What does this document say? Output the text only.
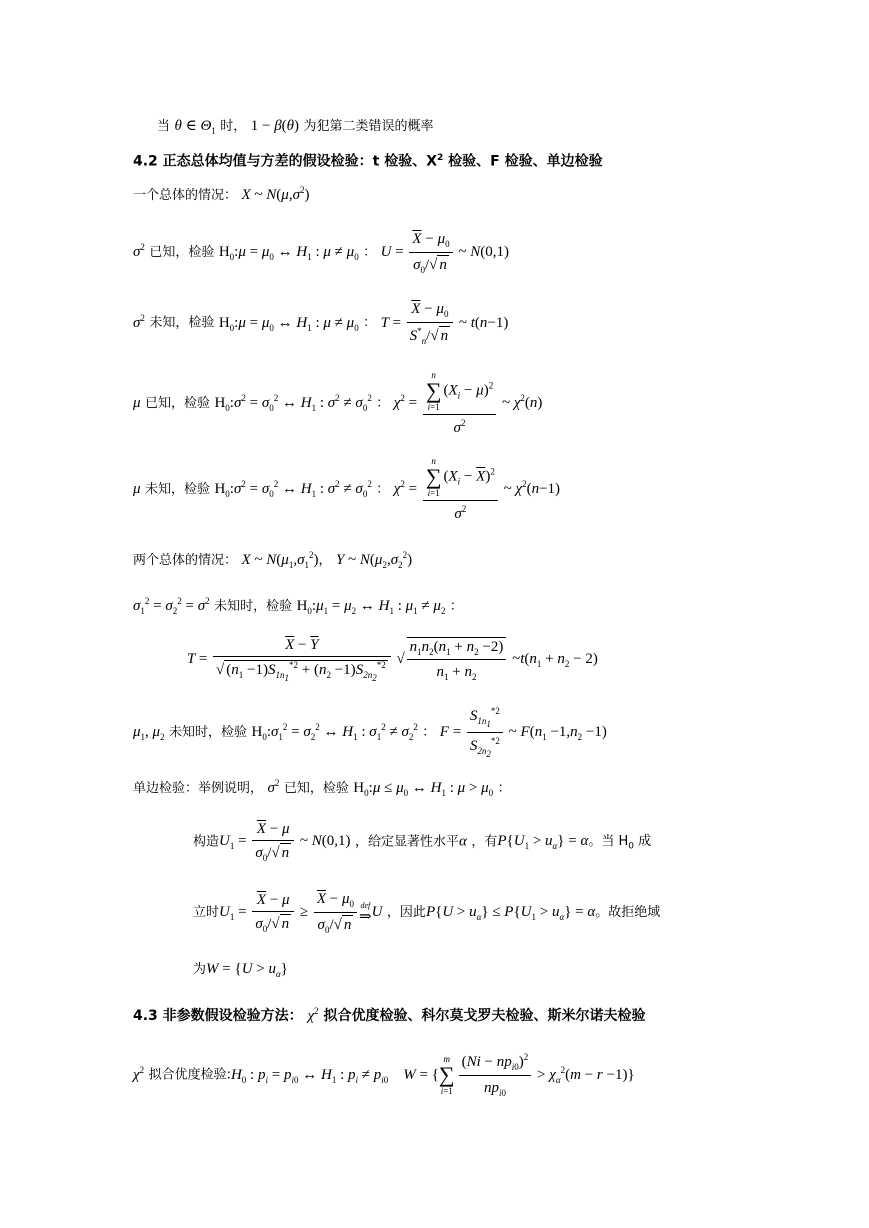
当 θ ∈ $\Theta_1$ 时， 1 − β(θ) 为犯第二类错误的概率
4.2 正态总体均值与方差的假设检验：t 检验、$X^2$ 检验、F 检验、单边检验
一个总体的情况： X ~ $N(\mu,\sigma^2)$
$\sigma^2$ 已知，检验 $H_0:\mu = \mu_0$ ↔ $H_1$ : $\mu \ne \mu_0$ ： $U = \frac{\overline{X} - \mu_0}{\sigma_0/√ n}$ ~ N(0,1)
$\sigma^2$ 未知，检验 $H_0:\mu = \mu_0$ ↔ $H_1$ : $\mu \ne \mu_0$ ： $T = \frac{\overline{X} - \mu_0}{S^*_n/√ n}$ ~ t(n−1)
μ 已知，检验 $H_0:\sigma^2 = \sigma_0^2$ ↔ $H_1$ : $\sigma^2 \ne \sigma_0^2$ ： $\chi^2 = n$
∑
i=1
$(X_i - \mu)^2$
$\sigma^2$ ~ $\chi^2(n)$
μ 未知，检验 $H_0:\sigma^2 = \sigma_0^2$ ↔ $H_1$ : $\sigma^2 \ne \sigma_0^2$ ： $\chi^2 = n$
∑
i=1
$(X_i - \overline{X})^2$
$\sigma^2$ ~ $\chi^2(n-1)$
两个总体的情况： X ~ $N(\mu_1,\sigma_1^2)$， Y ~ $N(\mu_2,\sigma_2^2)$
$\sigma_1^2 = \sigma_2^2 = \sigma^2$ 未知时，检验 $H_0:\mu_1 = \mu_2$ ↔ $H_1$ : $\mu_1 \ne \mu_2$ ：
$T = \frac{\overline{X} - \overline{Y}}{√ (n_1 -1)S_{1n_1}^{*2} + (n_2 -1)S_{2n_2}^{*2}}$ √ $\frac{n_1n_2(n_1 + n_2 -2)}{n_1 + n_2}$ $\sim t(n_1 + n_2 - 2)$
$\mu_1$, $\mu_2$ 未知时，检验 $H_0:\sigma_1^2 = \sigma_2^2$ ↔ $H_1$ : $\sigma_1^2 \ne \sigma_2^2$ ： $F = \frac{S_{1n_1}^{*2}}{S_{2n_2}^{*2}}$ ~ $F(n_1 -1,n_2 -1)$
单边检验：举例说明， $\sigma^2$ 已知，检验 $H_0:\mu \le \mu_0$ ↔ $H_1$ : $\mu > \mu_0$ ：
构造$U_1 = \frac{\overline{X} - \mu}{\sigma_0/√ n}$ ~ N(0,1) ，给定显著性水平α ，有$P\{U_1 > u_\alpha\} = \alpha$。当 $H_0$ 成
立时$U_1 = \frac{\overline{X} - \mu}{\sigma_0/√ n} \ge \frac{\overline{X} - \mu_0}{\sigma_0/√ n}$ def
⇒ U ，因此$P\{U > u_\alpha\} \le P\{U_1 > u_\alpha\} = \alpha$。故拒绝域
为$W = \{U > u_\alpha\}$
4.3 非参数假设检验方法： $\chi^2$ 拟合优度检验、科尔莫戈罗夫检验、斯米尔诺夫检验
$\chi^2$ 拟合优度检验$:H_0$ : $p_i = p_{i0}$ ↔ $H_1$ : $p_i \ne p_{i0}$    W = {
m
∑
$i=1 \frac{(Ni - np_{i0})^2}{np_{i0}} > \chi_\alpha^2(m - r -1)$}
